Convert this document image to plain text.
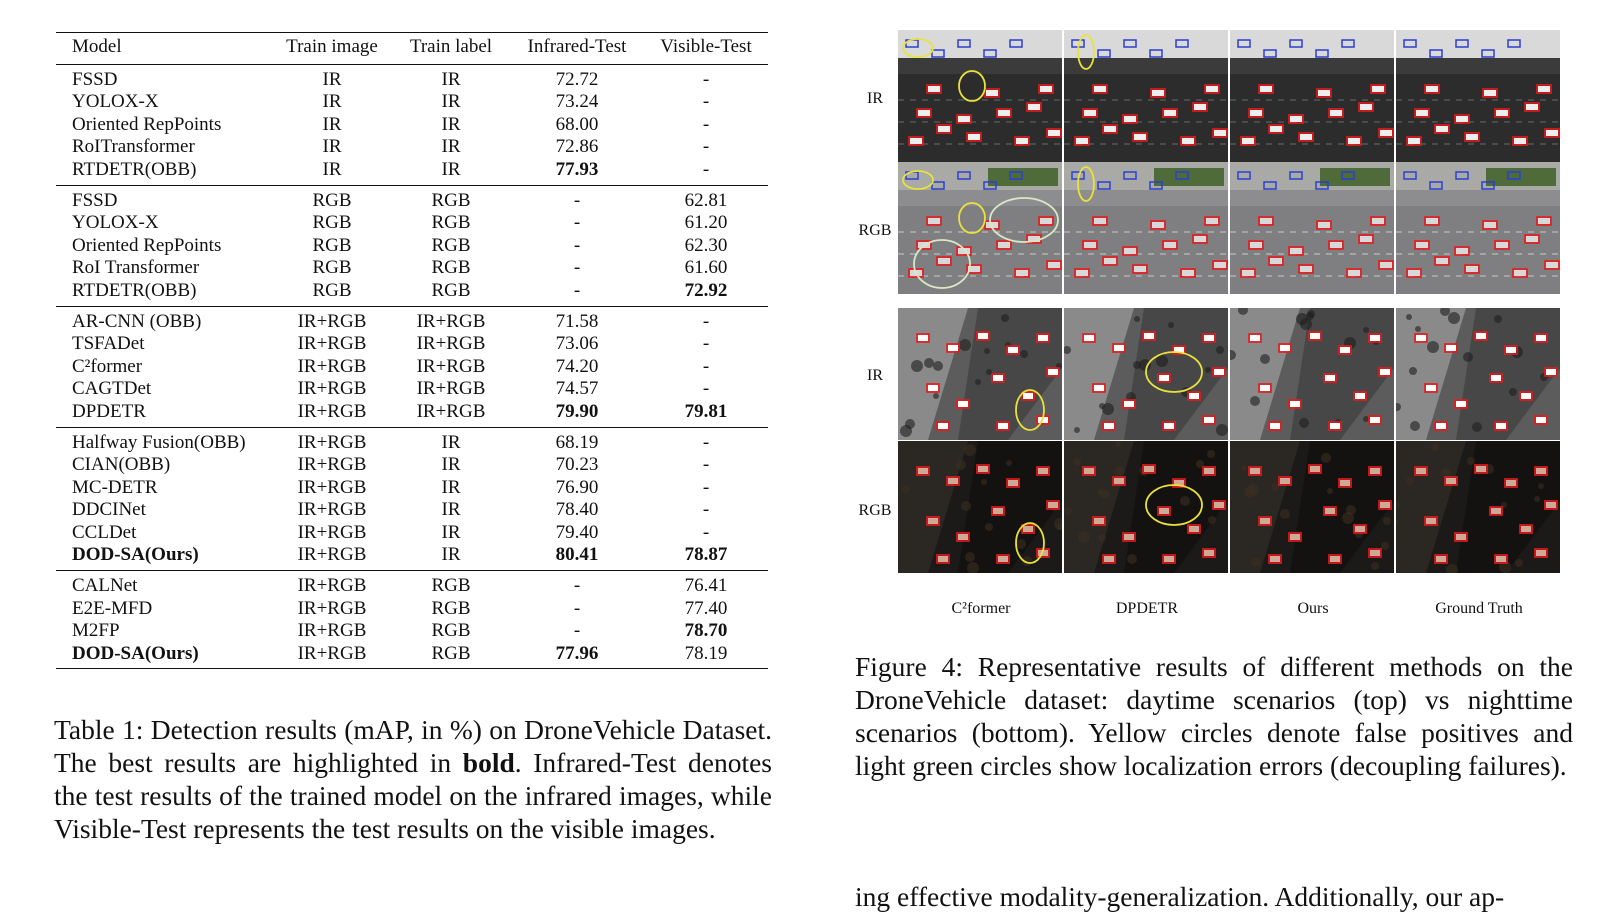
Model	Train image	Train label	Infrared-Test	Visible-Test
FSSD	IR	IR	72.72	-
YOLOX-X	IR	IR	73.24	-
Oriented RepPoints	IR	IR	68.00	-
RoITransformer	IR	IR	72.86	-
RTDETR(OBB)	IR	IR	77.93	-
FSSD	RGB	RGB	-	62.81
YOLOX-X	RGB	RGB	-	61.20
Oriented RepPoints	RGB	RGB	-	62.30
RoI Transformer	RGB	RGB	-	61.60
RTDETR(OBB)	RGB	RGB	-	72.92
AR-CNN (OBB)	IR+RGB	IR+RGB	71.58	-
TSFADet	IR+RGB	IR+RGB	73.06	-
C²former	IR+RGB	IR+RGB	74.20	-
CAGTDet	IR+RGB	IR+RGB	74.57	-
DPDETR	IR+RGB	IR+RGB	79.90	79.81
Halfway Fusion(OBB)	IR+RGB	IR	68.19	-
CIAN(OBB)	IR+RGB	IR	70.23	-
MC-DETR	IR+RGB	IR	76.90	-
DDCINet	IR+RGB	IR	78.40	-
CCLDet	IR+RGB	IR	79.40	-
DOD-SA(Ours)	IR+RGB	IR	80.41	78.87
CALNet	IR+RGB	RGB	-	76.41
E2E-MFD	IR+RGB	RGB	-	77.40
M2FP	IR+RGB	RGB	-	78.70
DOD-SA(Ours)	IR+RGB	RGB	77.96	78.19
Table 1: Detection results (mAP, in %) on DroneVehicle Dataset. The best results are highlighted in bold. Infrared-Test denotes the test results of the trained model on the infrared images, while Visible-Test represents the test results on the visible images.
IR
RGB
IR
RGB
C²former	DPDETR	Ours	Ground Truth
Figure 4: Representative results of different methods on the DroneVehicle dataset: daytime scenarios (top) vs nighttime scenarios (bottom). Yellow circles denote false positives and light green circles show localization errors (decoupling failures).
ing effective modality-generalization. Additionally, our ap-
